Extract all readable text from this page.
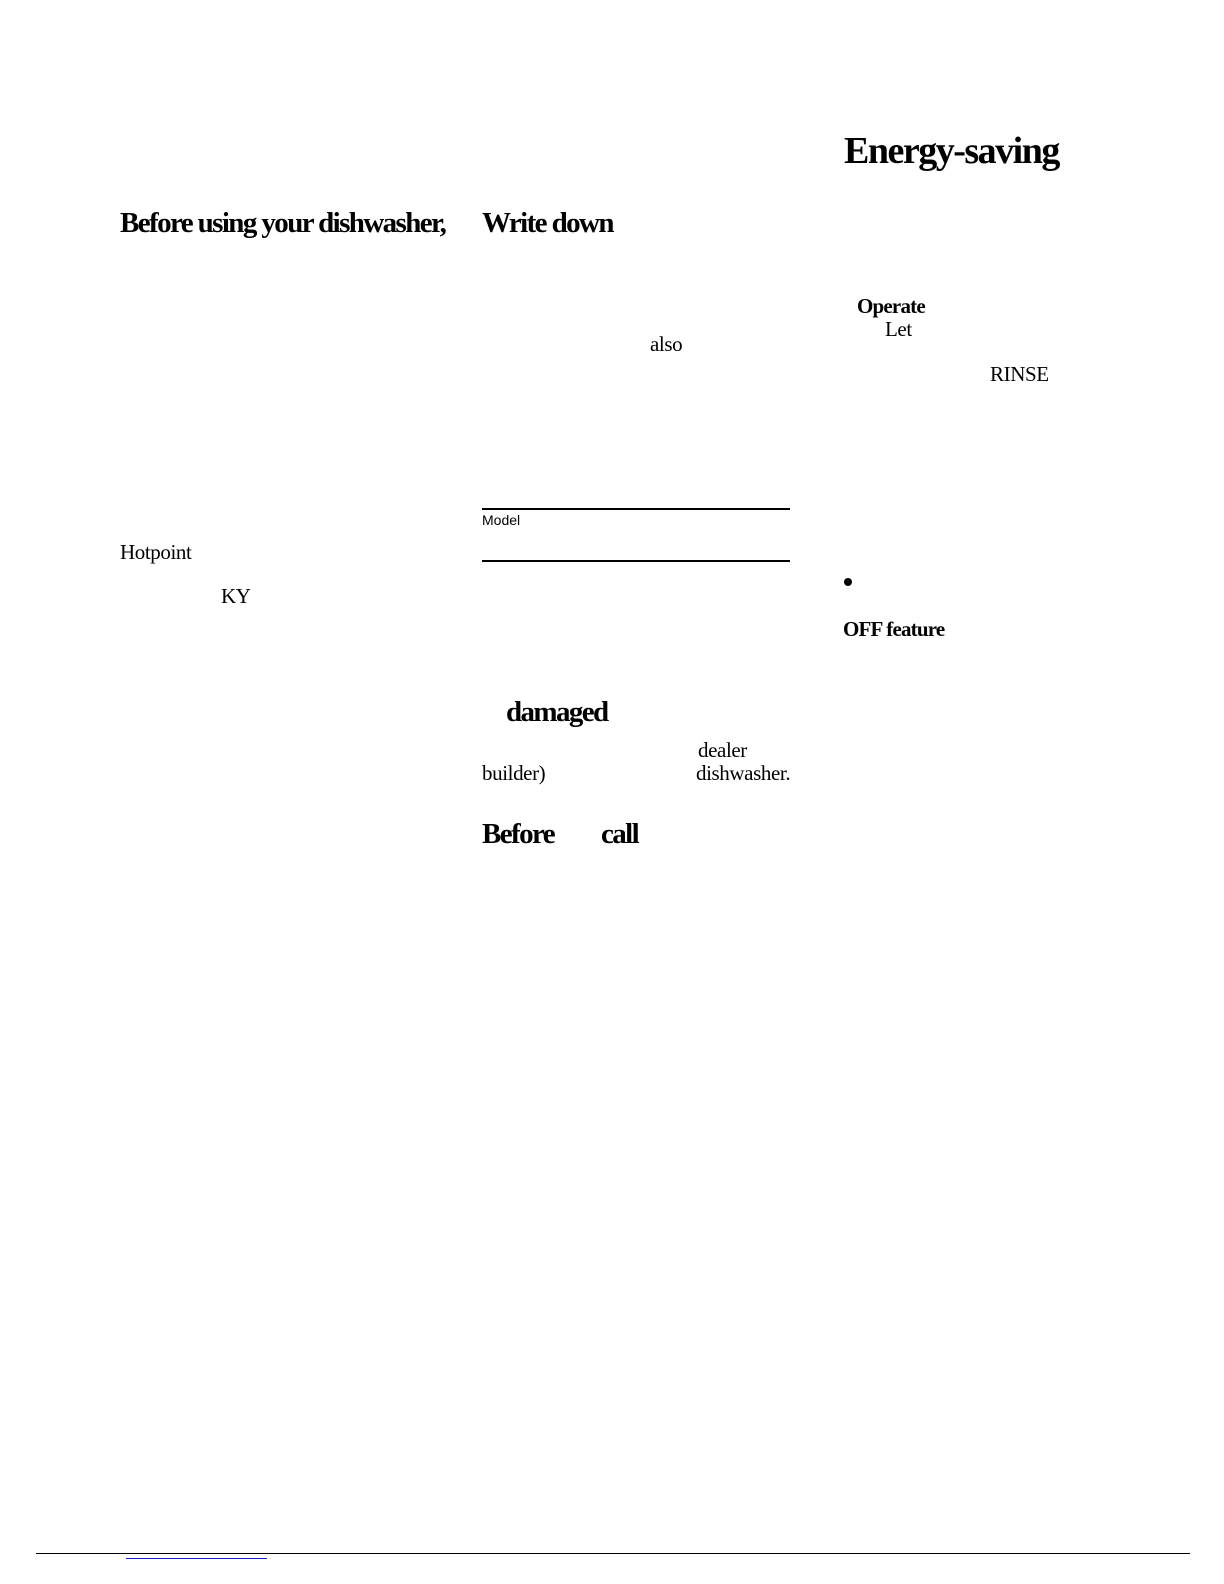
Energy-saving
Before using your dishwasher, Write down
Operate
Let
also
RINSE
Model
Hotpoint
KY
OFF feature
damaged
dealer
builder)	dishwasher.
Before call
